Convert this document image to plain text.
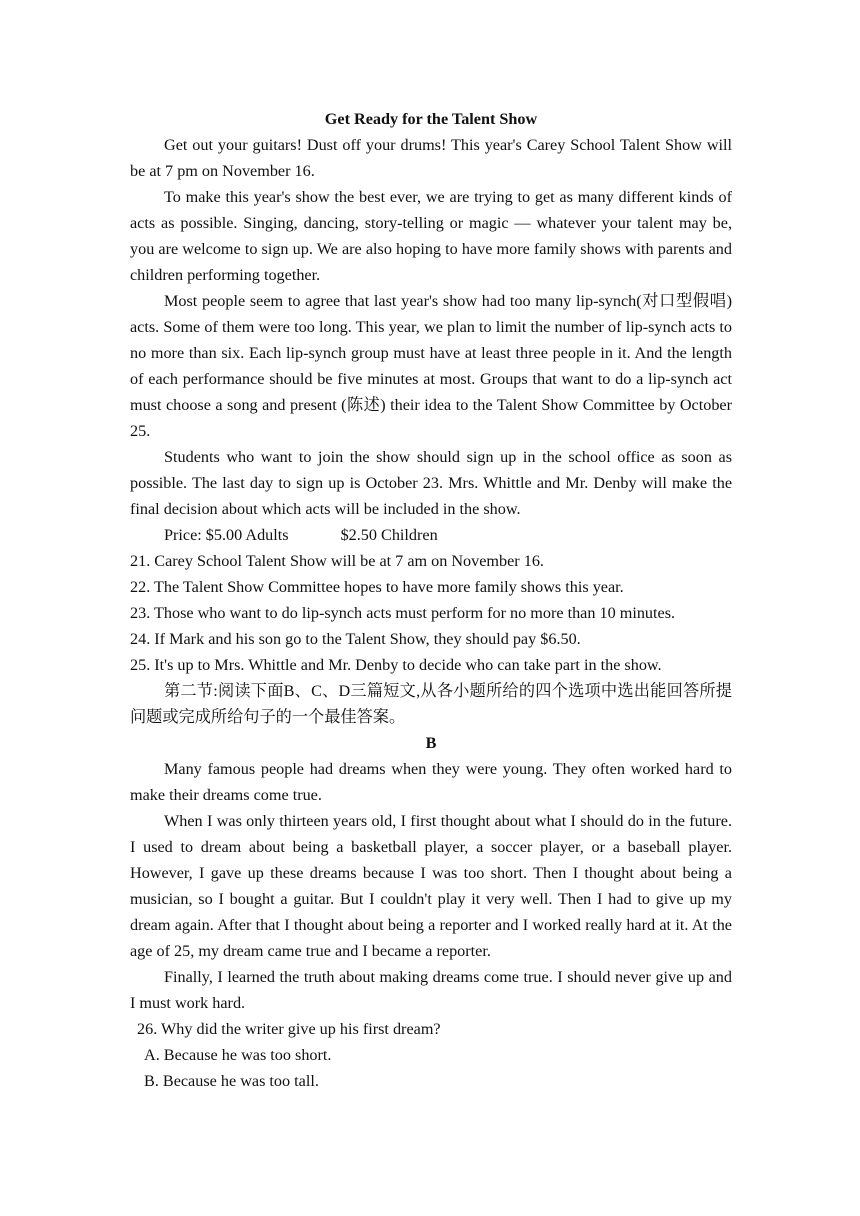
Get Ready for the Talent Show

Get out your guitars! Dust off your drums! This year's Carey School Talent Show will be at 7 pm on November 16.

To make this year's show the best ever, we are trying to get as many different kinds of acts as possible. Singing, dancing, story-telling or magic — whatever your talent may be, you are welcome to sign up. We are also hoping to have more family shows with parents and children performing together.

Most people seem to agree that last year's show had too many lip-synch(对口型假唱) acts. Some of them were too long. This year, we plan to limit the number of lip-synch acts to no more than six. Each lip-synch group must have at least three people in it. And the length of each performance should be five minutes at most. Groups that want to do a lip-synch act must choose a song and present (陈述) their idea to the Talent Show Committee by October 25.

Students who want to join the show should sign up in the school office as soon as possible. The last day to sign up is October 23. Mrs. Whittle and Mr. Denby will make the final decision about which acts will be included in the show.

Price: $5.00 Adults	$2.50 Children

21. Carey School Talent Show will be at 7 am on November 16.

22. The Talent Show Committee hopes to have more family shows this year.

23. Those who want to do lip-synch acts must perform for no more than 10 minutes.

24. If Mark and his son go to the Talent Show, they should pay $6.50.

25. It's up to Mrs. Whittle and Mr. Denby to decide who can take part in the show.

第二节:阅读下面B、C、D三篇短文,从各小题所给的四个选项中选出能回答所提问题或完成所给句子的一个最佳答案。

B

Many famous people had dreams when they were young. They often worked hard to make their dreams come true.

When I was only thirteen years old, I first thought about what I should do in the future. I used to dream about being a basketball player, a soccer player, or a baseball player. However, I gave up these dreams because I was too short. Then I thought about being a musician, so I bought a guitar. But I couldn't play it very well. Then I had to give up my dream again. After that I thought about being a reporter and I worked really hard at it. At the age of 25, my dream came true and I became a reporter.

Finally, I learned the truth about making dreams come true. I should never give up and I must work hard.

26. Why did the writer give up his first dream?

A. Because he was too short.

B. Because he was too tall.
